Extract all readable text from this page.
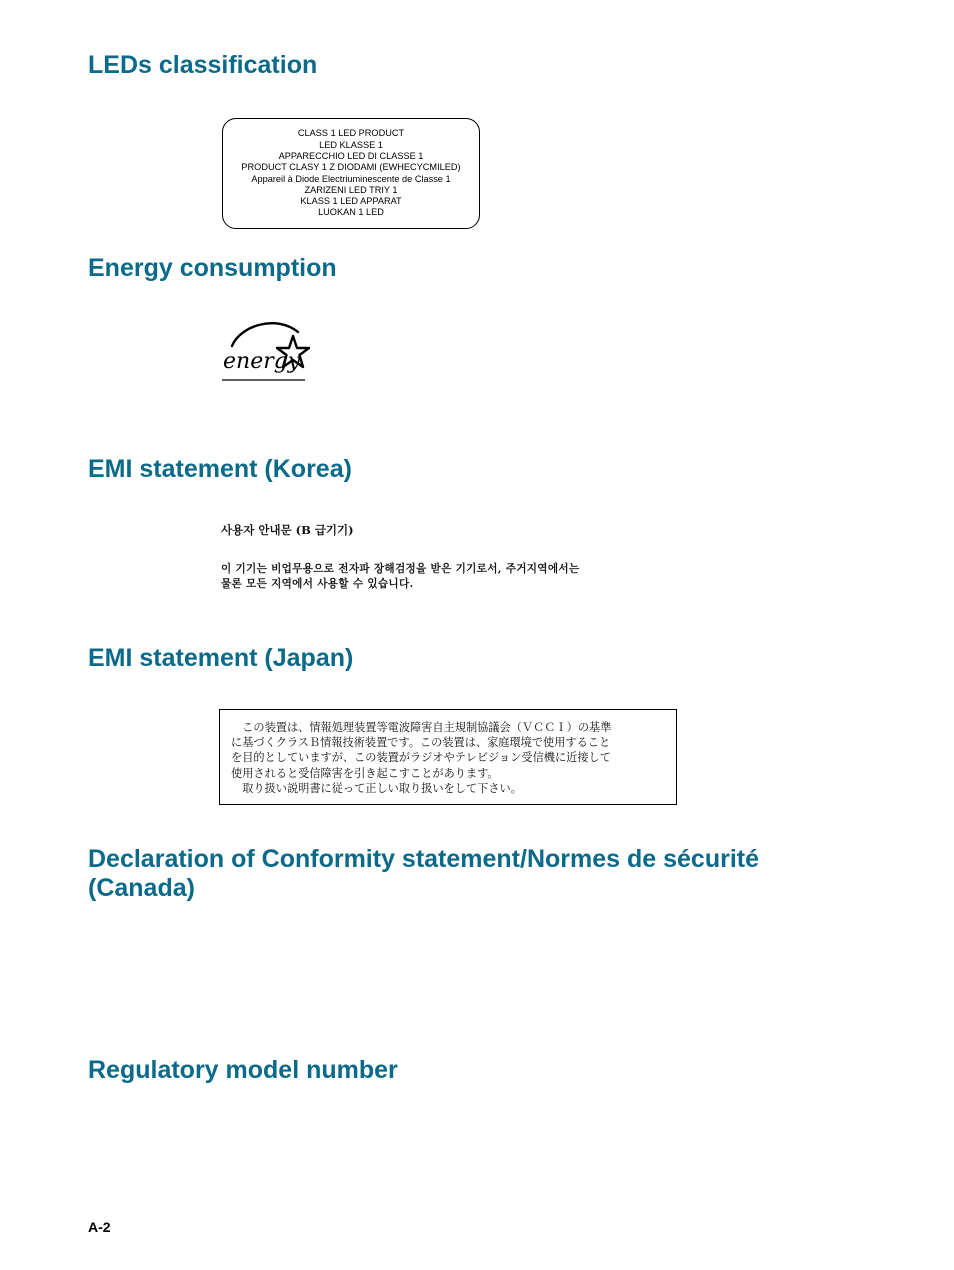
LEDs classification
CLASS 1 LED PRODUCT
LED KLASSE 1
APPARECCHIO LED DI CLASSE 1
PRODUCT CLASY 1 Z DIODAMI (EWHECYCMILED)
Appareil à Diode Electriuminescente de Classe 1
ZARIZENI LED TRIY 1
KLASS 1 LED APPARAT
LUOKAN 1 LED
Energy consumption
energy
EMI statement (Korea)
사용자 안내문 (B 급기기)
이 기기는 비업무용으로 전자파 장해검정을 받은 기기로서, 주거지역에서는
물론 모든 지역에서 사용할 수 있습니다.
EMI statement (Japan)
　この装置は、情報処理装置等電波障害自主規制協議会（ＶＣＣＩ）の基準
に基づくクラスＢ情報技術装置です。この装置は、家庭環境で使用すること
を目的としていますが、この装置がラジオやテレビジョン受信機に近接して
使用されると受信障害を引き起こすことがあります。
　取り扱い説明書に従って正しい取り扱いをして下さい。
Declaration of Conformity statement/Normes de sécurité
(Canada)
Regulatory model number
A-2
